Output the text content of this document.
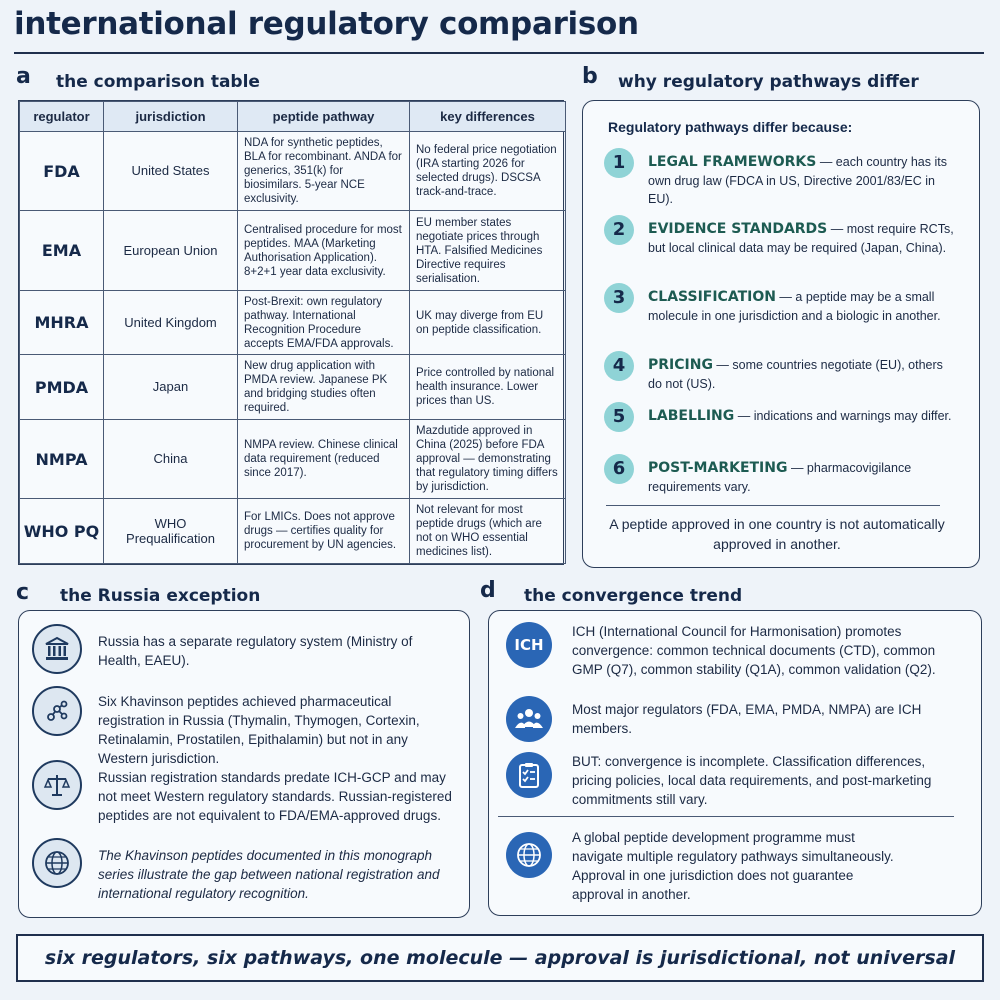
international regulatory comparison
a the comparison table
regulator	jurisdiction	peptide pathway	key differences
FDA	United States	NDA for synthetic peptides, BLA for recombinant. ANDA for generics, 351(k) for biosimilars. 5-year NCE exclusivity.	No federal price negotiation (IRA starting 2026 for selected drugs). DSCSA track-and-trace.
EMA	European Union	Centralised procedure for most peptides. MAA (Marketing Authorisation Application). 8+2+1 year data exclusivity.	EU member states negotiate prices through HTA. Falsified Medicines Directive requires serialisation.
MHRA	United Kingdom	Post-Brexit: own regulatory pathway. International Recognition Procedure accepts EMA/FDA approvals.	UK may diverge from EU on peptide classification.
PMDA	Japan	New drug application with PMDA review. Japanese PK and bridging studies often required.	Price controlled by national health insurance. Lower prices than US.
NMPA	China	NMPA review. Chinese clinical data requirement (reduced since 2017).	Mazdutide approved in China (2025) before FDA approval — demonstrating that regulatory timing differs by jurisdiction.
WHO PQ	WHO Prequalification	For LMICs. Does not approve drugs — certifies quality for procurement by UN agencies.	Not relevant for most peptide drugs (which are not on WHO essential medicines list).
b why regulatory pathways differ
Regulatory pathways differ because:
1	LEGAL FRAMEWORKS — each country has its own drug law (FDCA in US, Directive 2001/83/EC in EU).
2	EVIDENCE STANDARDS — most require RCTs, but local clinical data may be required (Japan, China).
3	CLASSIFICATION — a peptide may be a small molecule in one jurisdiction and a biologic in another.
4	PRICING — some countries negotiate (EU), others do not (US).
5	LABELLING — indications and warnings may differ.
6	POST-MARKETING — pharmacovigilance requirements vary.
A peptide approved in one country is not automatically approved in another.
c the Russia exception
Russia has a separate regulatory system (Ministry of Health, EAEU).
Six Khavinson peptides achieved pharmaceutical registration in Russia (Thymalin, Thymogen, Cortexin, Retinalamin, Prostatilen, Epithalamin) but not in any Western jurisdiction.
Russian registration standards predate ICH-GCP and may not meet Western regulatory standards. Russian-registered peptides are not equivalent to FDA/EMA-approved drugs.
The Khavinson peptides documented in this monograph series illustrate the gap between national registration and international regulatory recognition.
d the convergence trend
ICH
ICH (International Council for Harmonisation) promotes convergence: common technical documents (CTD), common GMP (Q7), common stability (Q1A), common validation (Q2).
Most major regulators (FDA, EMA, PMDA, NMPA) are ICH members.
BUT: convergence is incomplete. Classification differences, pricing policies, local data requirements, and post-marketing commitments still vary.
A global peptide development programme must navigate multiple regulatory pathways simultaneously. Approval in one jurisdiction does not guarantee approval in another.
six regulators, six pathways, one molecule — approval is jurisdictional, not universal
